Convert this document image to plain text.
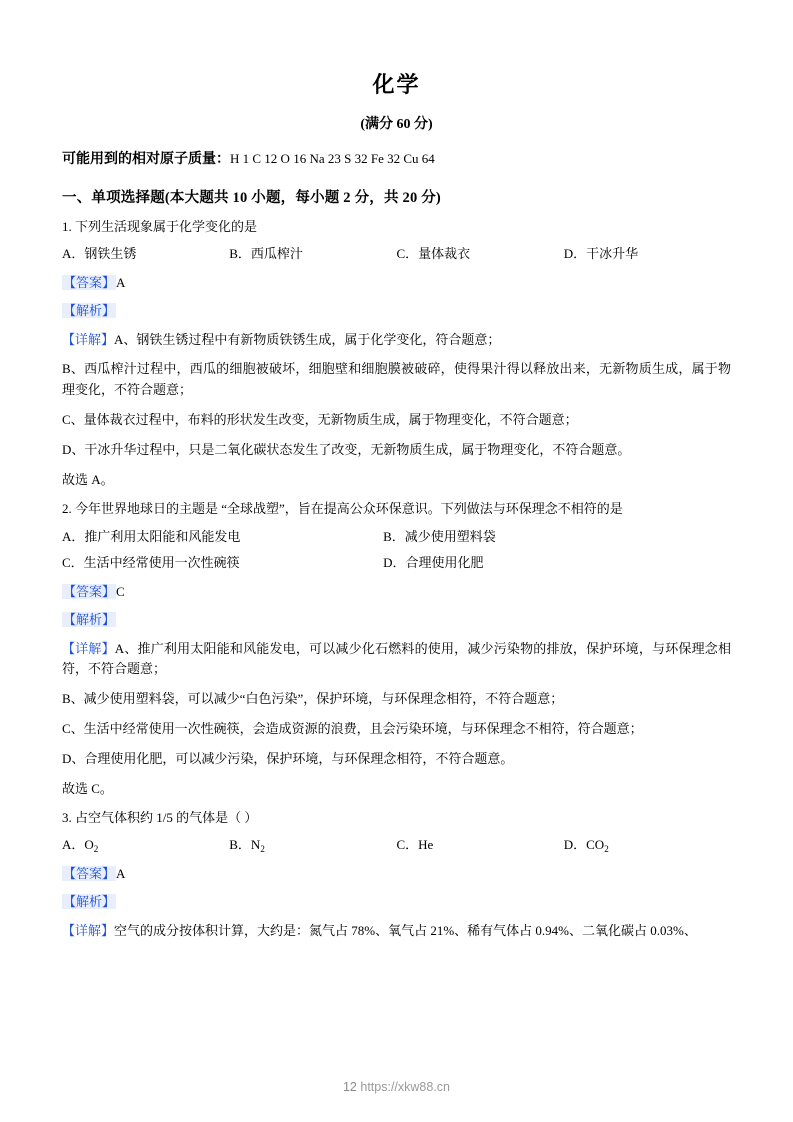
化学
(满分 60 分)
可能用到的相对原子质量：H 1 C 12 O 16 Na 23 S 32 Fe 32 Cu 64
一、单项选择题(本大题共 10 小题，每小题 2 分，共 20 分)
1. 下列生活现象属于化学变化的是
A．钢铁生锈	B．西瓜榨汁	C．量体裁衣	D．干冰升华
【答案】A
【解析】
【详解】A、钢铁生锈过程中有新物质铁锈生成，属于化学变化，符合题意；
B、西瓜榨汁过程中，西瓜的细胞被破坏，细胞壁和细胞膜被破碎，使得果汁得以释放出来，无新物质生成，属于物理变化，不符合题意；
C、量体裁衣过程中，布料的形状发生改变，无新物质生成，属于物理变化，不符合题意；
D、干冰升华过程中，只是二氧化碳状态发生了改变，无新物质生成，属于物理变化，不符合题意。
故选 A。
2. 今年世界地球日的主题是 “全球战塑”，旨在提高公众环保意识。下列做法与环保理念不相符的是
A．推广利用太阳能和风能发电	B．减少使用塑料袋
C．生活中经常使用一次性碗筷	D．合理使用化肥
【答案】C
【解析】
【详解】A、推广利用太阳能和风能发电，可以减少化石燃料的使用，减少污染物的排放，保护环境，与环保理念相符，不符合题意；
B、减少使用塑料袋，可以减少“白色污染”，保护环境，与环保理念相符，不符合题意；
C、生活中经常使用一次性碗筷，会造成资源的浪费，且会污染环境，与环保理念不相符，符合题意；
D、合理使用化肥，可以减少污染，保护环境，与环保理念相符，不符合题意。
故选 C。
3. 占空气体积约 1/5 的气体是（ ）
A．$O_2$	B．$N_2$	C．He	D．$CO_2$
【答案】A
【解析】
【详解】空气的成分按体积计算，大约是：氮气占 78%、氧气占 21%、稀有气体占 0.94%、二氧化碳占 0.03%、
12 https://xkw88.cn
